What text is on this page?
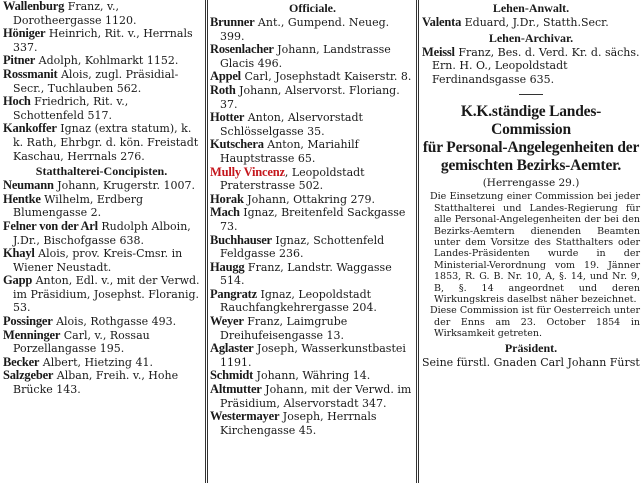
Wallenburg Franz, v., Dorotheergasse 1120.
Höniger Heinrich, Rit. v., Herrnals 337.
Pitner Adolph, Kohlmarkt 1152.
Rossmanit Alois, zugl. Präsidial-Secr., Tuchlauben 562.
Hoch Friedrich, Rit. v., Schottenfeld 517.
Kankoffer Ignaz (extra statum), k. k. Rath, Ehrbgr. d. kön. Freistadt Kaschau, Herrnals 276.
Statthalterei-Concipisten.
Neumann Johann, Krugerstr. 1007.
Hentke Wilhelm, Erdberg Blumengasse 2.
Felner von der Arl Rudolph Alboin, J.Dr., Bischofgasse 638.
Khayl Alois, prov. Kreis-Cmsr. in Wiener Neustadt.
Gapp Anton, Edl. v., mit der Verwd. im Präsidium, Josephst. Floranig. 53.
Possinger Alois, Rothgasse 493.
Menninger Carl, v., Rossau Porzellangasse 195.
Becker Albert, Hietzing 41.
Salzgeber Alban, Freih. v., Hohe Brücke 143.
Officiale.
Brunner Ant., Gumpend. Neueg. 399.
Rosenlacher Johann, Landstrasse Glacis 496.
Appel Carl, Josephstadt Kaiserstr. 8.
Roth Johann, Alservorst. Floriang. 37.
Hotter Anton, Alservorstadt Schlösselgasse 35.
Kutschera Anton, Mariahilf Hauptstrasse 65.
Mully Vincenz, Leopoldstadt Praterstrasse 502.
Horak Johann, Ottakring 279.
Mach Ignaz, Breitenfeld Sackgasse 73.
Buchhauser Ignaz, Schottenfeld Feldgasse 236.
Haugg Franz, Landstr. Waggasse 514.
Pangratz Ignaz, Leopoldstadt Rauchfangkehrergasse 204.
Weyer Franz, Laimgrube Dreihufeisengasse 13.
Aglaster Joseph, Wasserkunstbastei 1191.
Schmidt Johann, Währing 14.
Altmutter Johann, mit der Verwd. im Präsidium, Alservorstadt 347.
Westermayer Joseph, Herrnals Kirchengasse 45.
Lehen-Anwalt.
Valenta Eduard, J.Dr., Statth.Secr.
Lehen-Archivar.
Meissl Franz, Bes. d. Verd. Kr. d. sächs. Ern. H. O., Leopoldstadt Ferdinandsgasse 635.
K.K.ständige Landes-Commission
für Personal-Angelegenheiten der
gemischten Bezirks-Aemter.
(Herrengasse 29.)
Die Einsetzung einer Commission bei jeder Statthalterei und Landes-Regierung für alle Personal-Angelegenheiten der bei den Bezirks-Aemtern dienenden Beamten unter dem Vorsitze des Statthalters oder Landes-Präsidenten wurde in der Ministerial-Verordnung vom 19. Jänner 1853, R. G. B. Nr. 10, A, §. 14, und Nr. 9, B, §. 14 angeordnet und deren Wirkungskreis daselbst näher bezeichnet.
Diese Commission ist für Oesterreich unter der Enns am 23. October 1854 in Wirksamkeit getreten.
Präsident.
Seine fürstl. Gnaden Carl Johann Fürst
